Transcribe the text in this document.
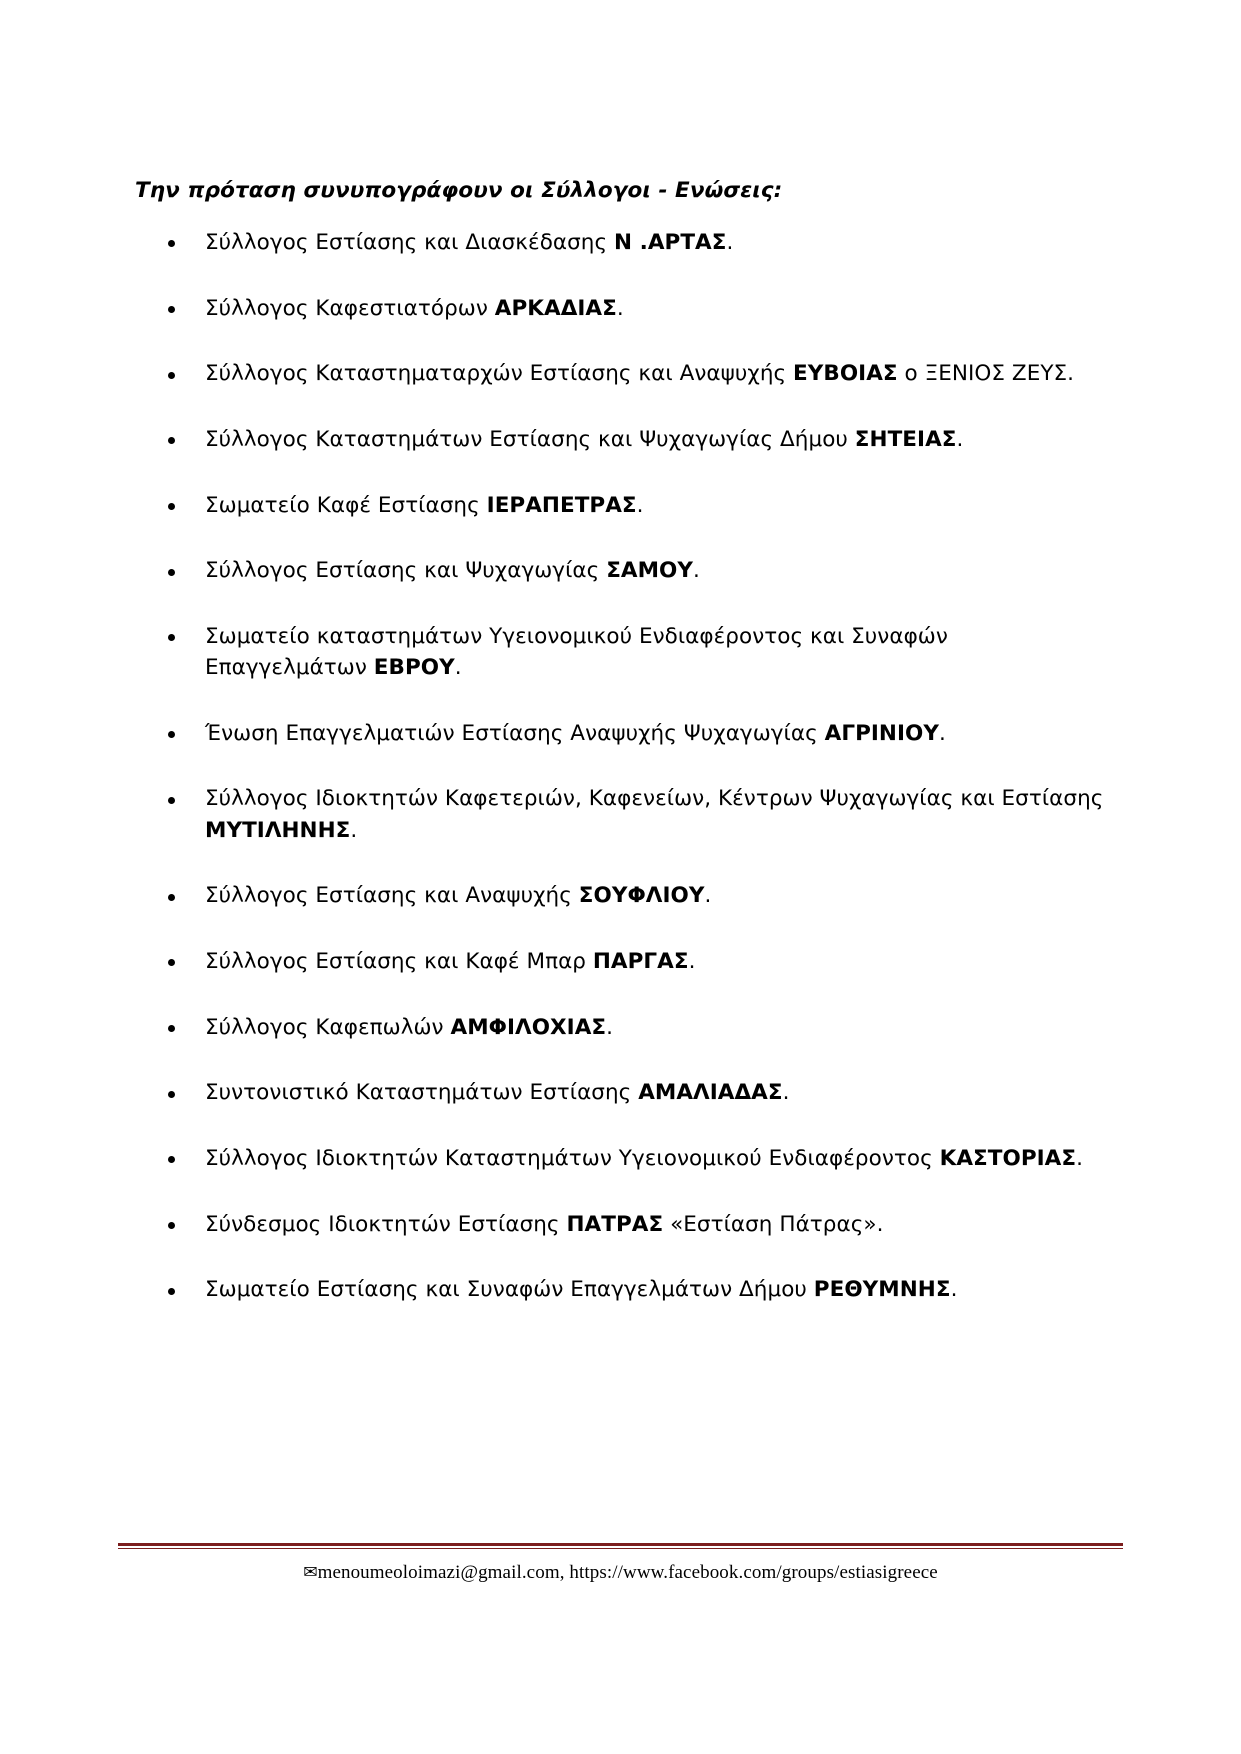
Την πρόταση συνυπογράφουν οι Σύλλογοι - Ενώσεις:

Σύλλογος Εστίασης και Διασκέδασης Ν .ΑΡΤΑΣ.
Σύλλογος Καφεστιατόρων ΑΡΚΑΔΙΑΣ.
Σύλλογος Καταστηματαρχών Εστίασης και Αναψυχής ΕΥΒΟΙΑΣ ο ΞΕΝΙΟΣ ΖΕΥΣ.
Σύλλογος Καταστημάτων Εστίασης και Ψυχαγωγίας Δήμου ΣΗΤΕΙΑΣ.
Σωματείο Καφέ Εστίασης ΙΕΡΑΠΕΤΡΑΣ.
Σύλλογος Εστίασης και Ψυχαγωγίας ΣΑΜΟΥ.
Σωματείο καταστημάτων Υγειονομικού Ενδιαφέροντος και Συναφών Επαγγελμάτων ΕΒΡΟΥ.
Ένωση Επαγγελματιών Εστίασης Αναψυχής Ψυχαγωγίας ΑΓΡΙΝΙΟΥ.
Σύλλογος Ιδιοκτητών Καφετεριών, Καφενείων, Κέντρων Ψυχαγωγίας και Εστίασης ΜΥΤΙΛΗΝΗΣ.
Σύλλογος Εστίασης και Αναψυχής ΣΟΥΦΛΙΟΥ.
Σύλλογος Εστίασης και Καφέ Μπαρ ΠΑΡΓΑΣ.
Σύλλογος Καφεπωλών ΑΜΦΙΛΟΧΙΑΣ.
Συντονιστικό Καταστημάτων Εστίασης ΑΜΑΛΙΑΔΑΣ.
Σύλλογος Ιδιοκτητών Καταστημάτων Υγειονομικού Ενδιαφέροντος ΚΑΣΤΟΡΙΑΣ.
Σύνδεσμος Ιδιοκτητών Εστίασης ΠΑΤΡΑΣ «Εστίαση Πάτρας».
Σωματείο Εστίασης και Συναφών Επαγγελμάτων Δήμου ΡΕΘΥΜΝΗΣ.
✉menoumeoloimazi@gmail.com, https://www.facebook.com/groups/estiasigreece
